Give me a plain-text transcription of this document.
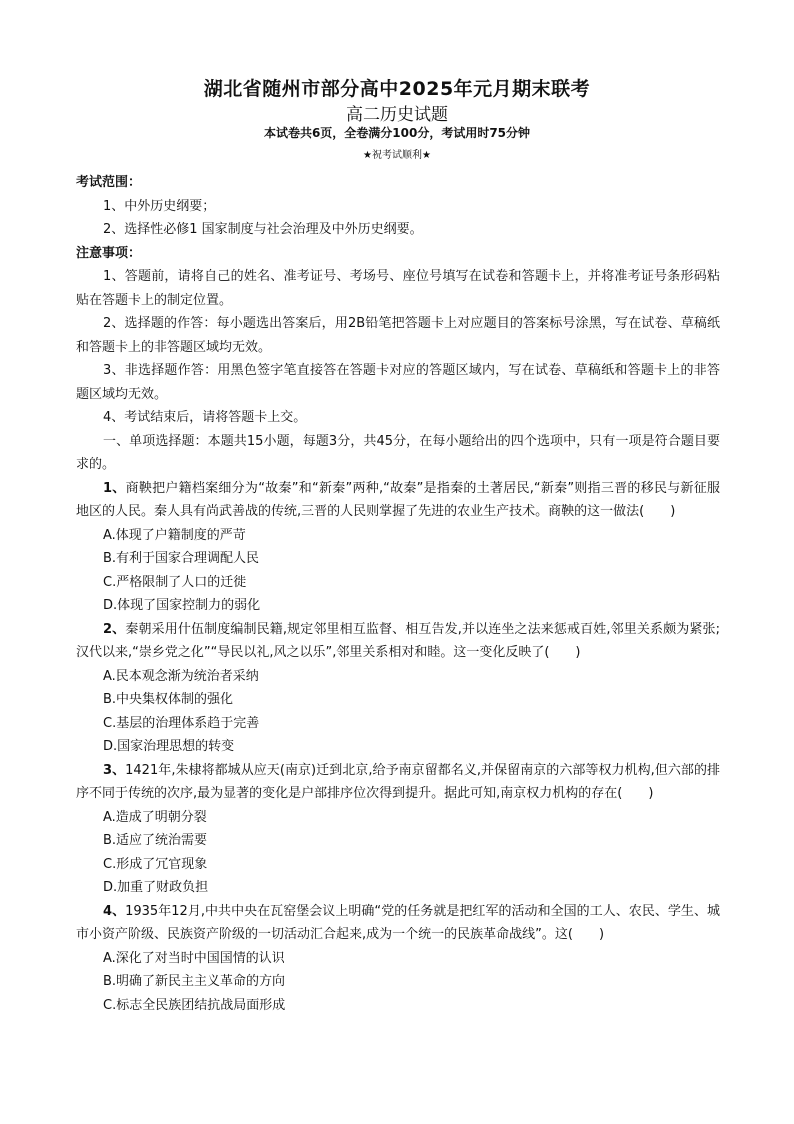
湖北省随州市部分高中2025年元月期末联考
高二历史试题
本试卷共6页，全卷满分100分，考试用时75分钟
★祝考试顺利★
考试范围：
1、中外历史纲要；
2、选择性必修1 国家制度与社会治理及中外历史纲要。
注意事项：
1、答题前，请将自己的姓名、准考证号、考场号、座位号填写在试卷和答题卡上，并将准考证号条形码粘贴在答题卡上的制定位置。
2、选择题的作答：每小题选出答案后，用2B铅笔把答题卡上对应题目的答案标号涂黑，写在试卷、草稿纸和答题卡上的非答题区域均无效。
3、非选择题作答：用黑色签字笔直接答在答题卡对应的答题区域内，写在试卷、草稿纸和答题卡上的非答题区域均无效。
4、考试结束后，请将答题卡上交。
一、单项选择题：本题共15小题，每题3分，共45分，在每小题给出的四个选项中，只有一项是符合题目要求的。
1、商鞅把户籍档案细分为“故秦”和“新秦”两种,“故秦”是指秦的土著居民,“新秦”则指三晋的移民与新征服地区的人民。秦人具有尚武善战的传统,三晋的人民则掌握了先进的农业生产技术。商鞅的这一做法(　　)
A.体现了户籍制度的严苛
B.有利于国家合理调配人民
C.严格限制了人口的迁徙
D.体现了国家控制力的弱化
2、秦朝采用什伍制度编制民籍,规定邻里相互监督、相互告发,并以连坐之法来惩戒百姓,邻里关系颇为紧张;汉代以来,“崇乡党之化”“导民以礼,风之以乐”,邻里关系相对和睦。这一变化反映了(　　)
A.民本观念渐为统治者采纳
B.中央集权体制的强化
C.基层的治理体系趋于完善
D.国家治理思想的转变
3、1421年,朱棣将都城从应天(南京)迁到北京,给予南京留都名义,并保留南京的六部等权力机构,但六部的排序不同于传统的次序,最为显著的变化是户部排序位次得到提升。据此可知,南京权力机构的存在(　　)
A.造成了明朝分裂
B.适应了统治需要
C.形成了冗官现象
D.加重了财政负担
4、1935年12月,中共中央在瓦窑堡会议上明确“党的任务就是把红军的活动和全国的工人、农民、学生、城市小资产阶级、民族资产阶级的一切活动汇合起来,成为一个统一的民族革命战线”。这(　　)
A.深化了对当时中国国情的认识
B.明确了新民主主义革命的方向
C.标志全民族团结抗战局面形成
